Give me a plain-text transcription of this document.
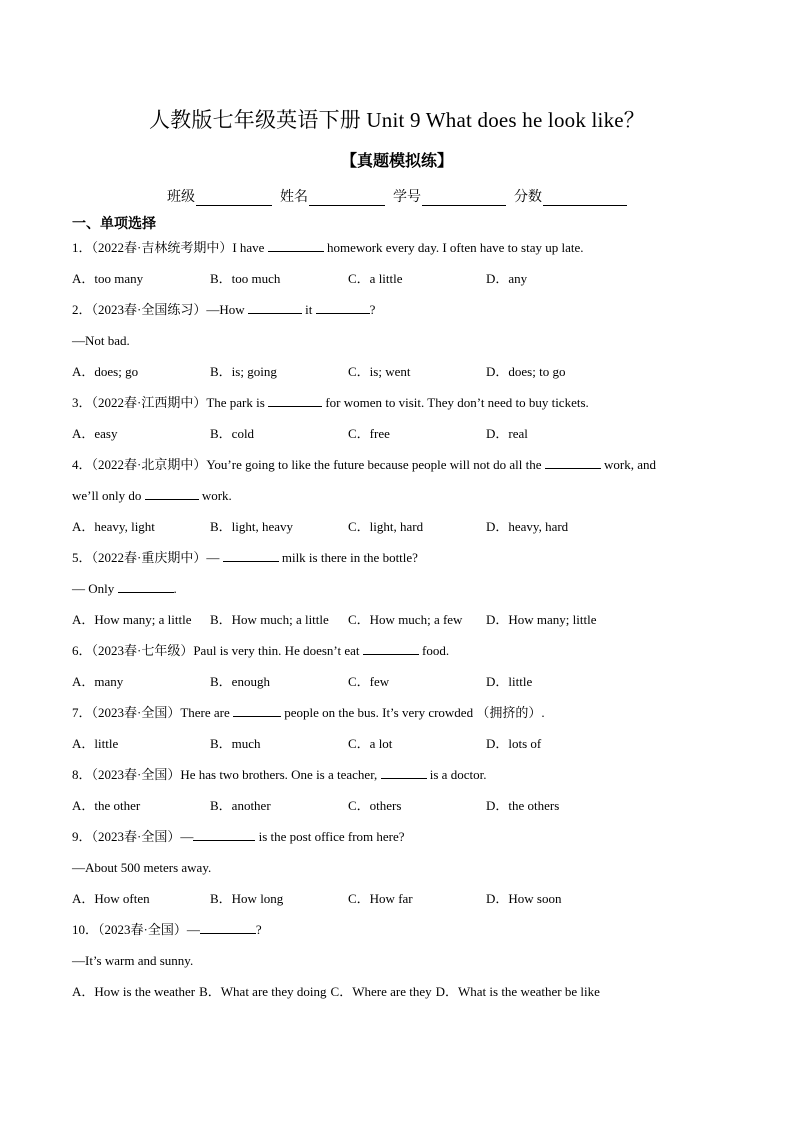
人教版七年级英语下册 Unit 9 What does he look like？
【真题模拟练】
班级	姓名	学号	分数
一、单项选择
1．（2022春·吉林统考期中）I have	homework every day. I often have to stay up late.
A．too many	B．too much	C．a little	D．any
2．（2023春·全国练习）—How	it	?
—Not bad.
A．does; go	B．is; going	C．is; went	D．does; to go
3．（2022春·江西期中）The park is	for women to visit. They don’t need to buy tickets.
A．easy	B．cold	C．free	D．real
4．（2022春·北京期中）You’re going to like the future because people will not do all the	work, and
we’ll only do	work.
A．heavy, light	B．light, heavy	C．light, hard	D．heavy, hard
5．（2022春·重庆期中）—	milk is there in the bottle?
— Only	.
A．How many; a little	B．How much; a little	C．How much; a few	D．How many; little
6．（2023春·七年级）Paul is very thin. He doesn’t eat	food.
A．many	B．enough	C．few	D．little
7．（2023春·全国）There are	people on the bus. It’s very crowded （拥挤的）.
A．little	B．much	C．a lot	D．lots of
8．（2023春·全国）He has two brothers. One is a teacher,	is a doctor.
A．the other	B．another	C．others	D．the others
9．（2023春·全国）—	is the post office from here?
—About 500 meters away.
A．How often	B．How long	C．How far	D．How soon
10．（2023春·全国）—	?
—It’s warm and sunny.
A．How is the weather B．What are they doing C．Where are they D．What is the weather be like
